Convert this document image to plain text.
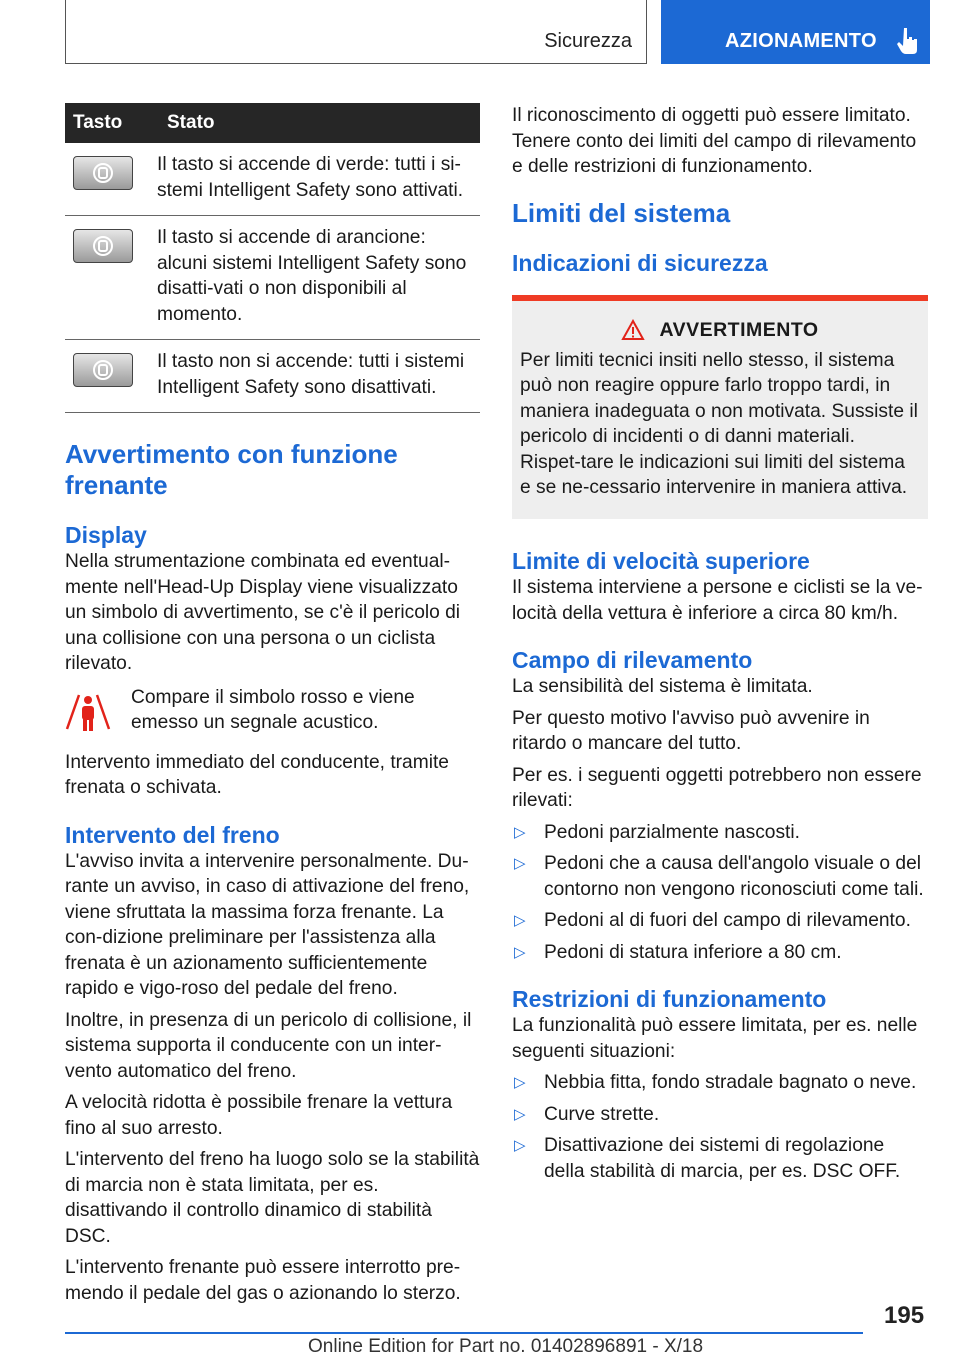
Sicurezza	AZIONAMENTO
Tasto	Stato

	Il tasto si accende di verde: tutti i si-stemi Intelligent Safety sono attivati.

	Il tasto si accende di arancione: alcuni sistemi Intelligent Safety sono disatti-vati o non disponibili al momento.

	Il tasto non si accende: tutti i sistemi Intelligent Safety sono disattivati.
Avvertimento con funzione frenante
Display

Nella strumentazione combinata ed eventual-mente nell'Head-Up Display viene visualizzato un simbolo di avvertimento, se c'è il pericolo di una collisione con una persona o un ciclista rilevato.

Compare il simbolo rosso e viene emesso un segnale acustico.

Intervento immediato del conducente, tramite frenata o schivata.

Intervento del freno

L'avviso invita a intervenire personalmente. Du-rante un avviso, in caso di attivazione del freno, viene sfruttata la massima forza frenante. La con-dizione preliminare per l'assistenza alla frenata è un azionamento sufficientemente rapido e vigo-roso del pedale del freno.

Inoltre, in presenza di un pericolo di collisione, il sistema supporta il conducente con un inter-vento automatico del freno.

A velocità ridotta è possibile frenare la vettura fino al suo arresto.

L'intervento del freno ha luogo solo se la stabilità di marcia non è stata limitata, per es. disattivando il controllo dinamico di stabilità DSC.

L'intervento frenante può essere interrotto pre-mendo il pedale del gas o azionando lo sterzo.

Il riconoscimento di oggetti può essere limitato. Tenere conto dei limiti del campo di rilevamento e delle restrizioni di funzionamento.

Limiti del sistema
Indicazioni di sicurezza
AVVERTIMENTO

Per limiti tecnici insiti nello stesso, il sistema può non reagire oppure farlo troppo tardi, in maniera inadeguata o non motivata. Sussiste il pericolo di incidenti o di danni materiali. Rispet-tare le indicazioni sui limiti del sistema e se ne-cessario intervenire in maniera attiva.

Limite di velocità superiore

Il sistema interviene a persone e ciclisti se la ve-locità della vettura è inferiore a circa 80 km/h.

Campo di rilevamento

La sensibilità del sistema è limitata.

Per questo motivo l'avviso può avvenire in ritardo o mancare del tutto.

Per es. i seguenti oggetti potrebbero non essere rilevati:

▷ Pedoni parzialmente nascosti.
▷ Pedoni che a causa dell'angolo visuale o del contorno non vengono riconosciuti come tali.
▷ Pedoni al di fuori del campo di rilevamento.
▷ Pedoni di statura inferiore a 80 cm.
Restrizioni di funzionamento

La funzionalità può essere limitata, per es. nelle seguenti situazioni:

▷ Nebbia fitta, fondo stradale bagnato o neve.
▷ Curve strette.
▷ Disattivazione dei sistemi di regolazione della stabilità di marcia, per es. DSC OFF.
195
Online Edition for Part no. 01402896891 - X/18
